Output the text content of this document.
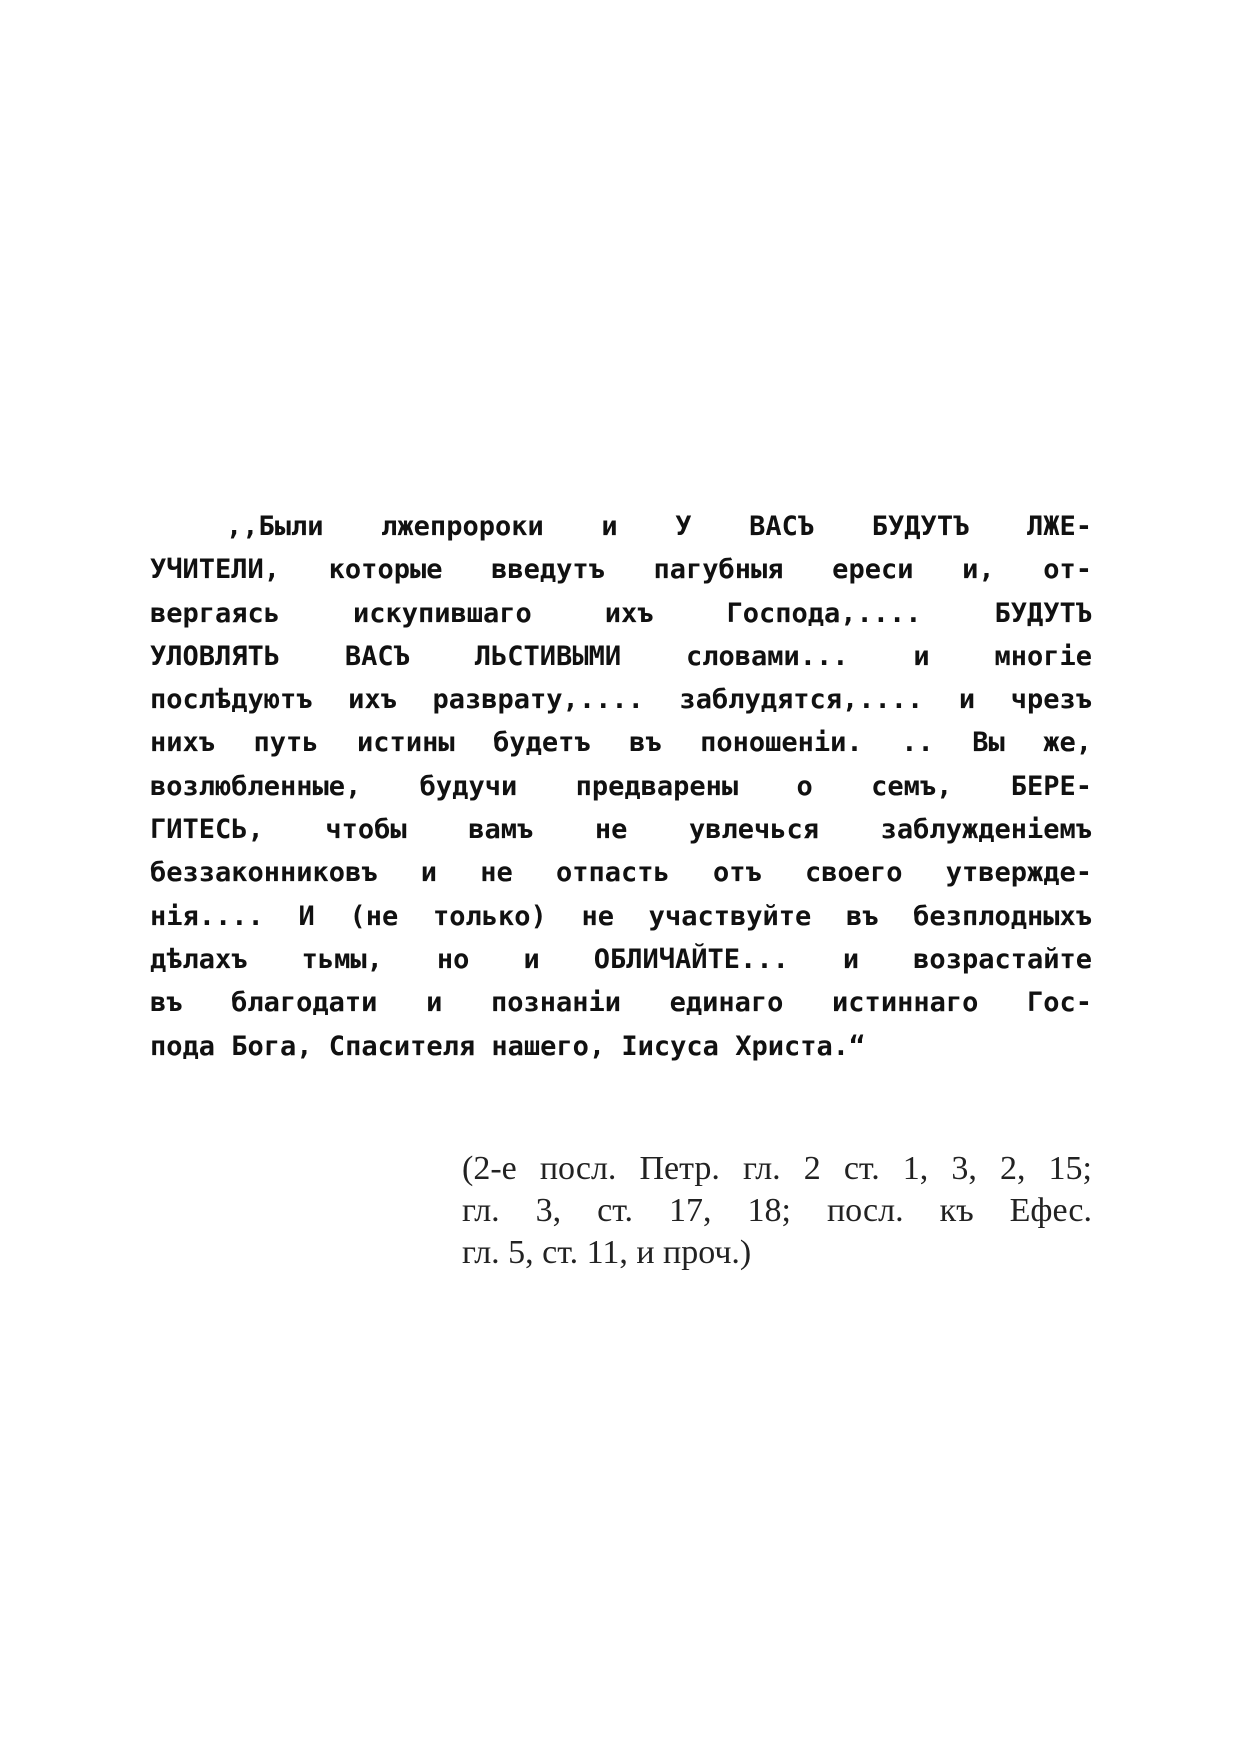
,,Были лжепророки и У ВАСЪ БУДУТЪ ЛЖЕ-
УЧИТЕЛИ, которые введутъ пагубныя ереси и, от-
вергаясь искупившаго ихъ Господа,.... БУДУТЪ
УЛОВЛЯТЬ ВАСЪ ЛЬСТИВЫМИ словами... и многіе
послѣдуютъ ихъ разврату,.... заблудятся,.... и чрезъ
нихъ путь истины будетъ въ поношеніи. .. Вы же,
возлюбленные, будучи предварены о семъ, БЕРЕ-
ГИТЕСЬ, чтобы вамъ не увлечься заблужденіемъ
беззаконниковъ и не отпасть отъ своего утвержде-
нія.... И (не только) не участвуйте въ безплодныхъ
дѣлахъ тьмы, но и ОБЛИЧАЙТЕ... и возрастайте
въ благодати и познаніи единаго истиннаго Гос-
пода Бога, Спасителя нашего, Іисуса Христа.“
(2-е посл. Петр. гл. 2 ст. 1, 3, 2, 15;
гл. 3, ст. 17, 18; посл. къ Ефес.
гл. 5, ст. 11, и проч.)
